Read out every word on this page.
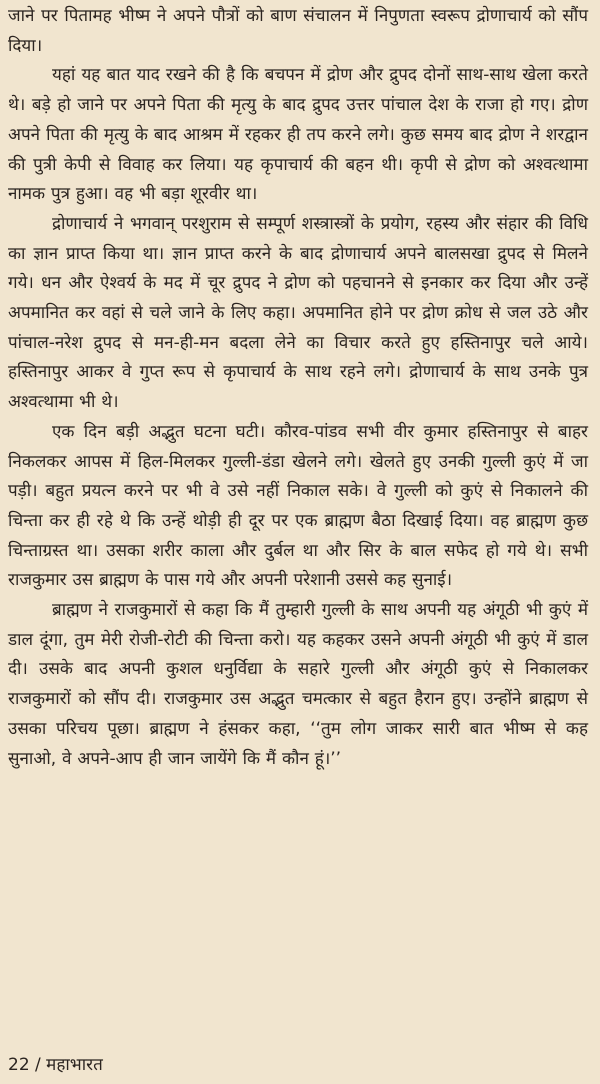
जाने पर पितामह भीष्म ने अपने पौत्रों को बाण संचालन में निपुणता स्वरूप द्रोणाचार्य को सौंप दिया।

यहां यह बात याद रखने की है कि बचपन में द्रोण और द्रुपद दोनों साथ-साथ खेला करते थे। बड़े हो जाने पर अपने पिता की मृत्यु के बाद द्रुपद उत्तर पांचाल देश के राजा हो गए। द्रोण अपने पिता की मृत्यु के बाद आश्रम में रहकर ही तप करने लगे। कुछ समय बाद द्रोण ने शरद्वान की पुत्री केपी से विवाह कर लिया। यह कृपाचार्य की बहन थी। कृपी से द्रोण को अश्वत्थामा नामक पुत्र हुआ। वह भी बड़ा शूरवीर था।

द्रोणाचार्य ने भगवान् परशुराम से सम्पूर्ण शस्त्रास्त्रों के प्रयोग, रहस्य और संहार की विधि का ज्ञान प्राप्त किया था। ज्ञान प्राप्त करने के बाद द्रोणाचार्य अपने बालसखा द्रुपद से मिलने गये। धन और ऐश्वर्य के मद में चूर द्रुपद ने द्रोण को पहचानने से इनकार कर दिया और उन्हें अपमानित कर वहां से चले जाने के लिए कहा। अपमानित होने पर द्रोण क्रोध से जल उठे और पांचाल-नरेश द्रुपद से मन-ही-मन बदला लेने का विचार करते हुए हस्तिनापुर चले आये। हस्तिनापुर आकर वे गुप्त रूप से कृपाचार्य के साथ रहने लगे। द्रोणाचार्य के साथ उनके पुत्र अश्वत्थामा भी थे।

एक दिन बड़ी अद्भुत घटना घटी। कौरव-पांडव सभी वीर कुमार हस्तिनापुर से बाहर निकलकर आपस में हिल-मिलकर गुल्ली-डंडा खेलने लगे। खेलते हुए उनकी गुल्ली कुएं में जा पड़ी। बहुत प्रयत्न करने पर भी वे उसे नहीं निकाल सके। वे गुल्ली को कुएं से निकालने की चिन्ता कर ही रहे थे कि उन्हें थोड़ी ही दूर पर एक ब्राह्मण बैठा दिखाई दिया। वह ब्राह्मण कुछ चिन्ताग्रस्त था। उसका शरीर काला और दुर्बल था और सिर के बाल सफेद हो गये थे। सभी राजकुमार उस ब्राह्मण के पास गये और अपनी परेशानी उससे कह सुनाई।

ब्राह्मण ने राजकुमारों से कहा कि मैं तुम्हारी गुल्ली के साथ अपनी यह अंगूठी भी कुएं में डाल दूंगा, तुम मेरी रोजी-रोटी की चिन्ता करो। यह कहकर उसने अपनी अंगूठी भी कुएं में डाल दी। उसके बाद अपनी कुशल धनुर्विद्या के सहारे गुल्ली और अंगूठी कुएं से निकालकर राजकुमारों को सौंप दी। राजकुमार उस अद्भुत चमत्कार से बहुत हैरान हुए। उन्होंने ब्राह्मण से उसका परिचय पूछा। ब्राह्मण ने हंसकर कहा, ‘‘तुम लोग जाकर सारी बात भीष्म से कह सुनाओ, वे अपने-आप ही जान जायेंगे कि मैं कौन हूं।’’

22 / महाभारत
